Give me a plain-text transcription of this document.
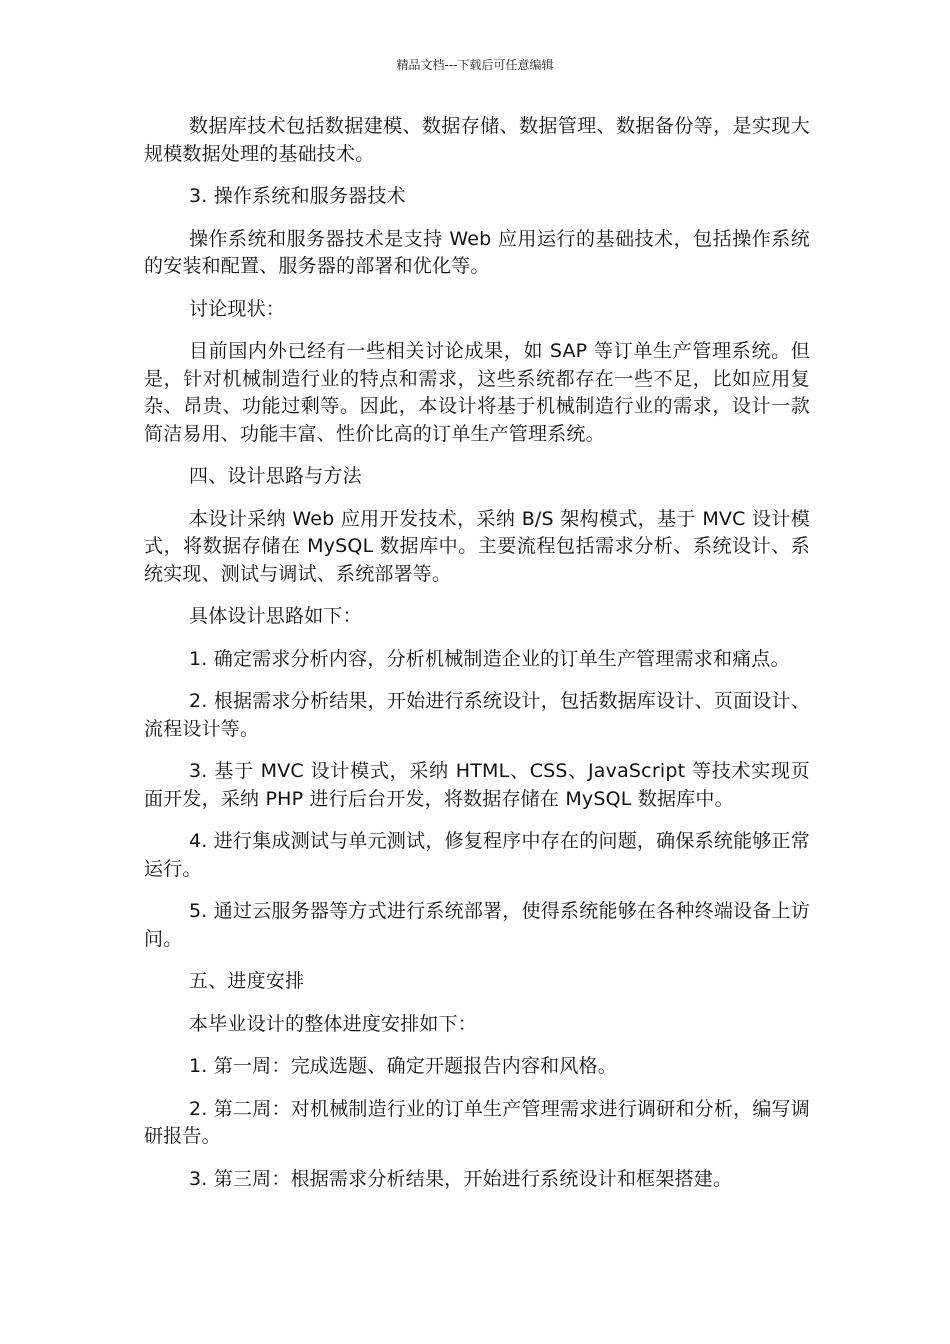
精品文档---下载后可任意编辑

数据库技术包括数据建模、数据存储、数据管理、数据备份等，是实现大规模数据处理的基础技术。

3. 操作系统和服务器技术

操作系统和服务器技术是支持 Web 应用运行的基础技术，包括操作系统的安装和配置、服务器的部署和优化等。

讨论现状：

目前国内外已经有一些相关讨论成果，如 SAP 等订单生产管理系统。但是，针对机械制造行业的特点和需求，这些系统都存在一些不足，比如应用复杂、昂贵、功能过剩等。因此，本设计将基于机械制造行业的需求，设计一款简洁易用、功能丰富、性价比高的订单生产管理系统。

四、设计思路与方法

本设计采纳 Web 应用开发技术，采纳 B/S 架构模式，基于 MVC 设计模式，将数据存储在 MySQL 数据库中。主要流程包括需求分析、系统设计、系统实现、测试与调试、系统部署等。

具体设计思路如下：

1. 确定需求分析内容，分析机械制造企业的订单生产管理需求和痛点。

2. 根据需求分析结果，开始进行系统设计，包括数据库设计、页面设计、流程设计等。

3. 基于 MVC 设计模式，采纳 HTML、CSS、JavaScript 等技术实现页面开发，采纳 PHP 进行后台开发，将数据存储在 MySQL 数据库中。

4. 进行集成测试与单元测试，修复程序中存在的问题，确保系统能够正常运行。

5. 通过云服务器等方式进行系统部署，使得系统能够在各种终端设备上访问。

五、进度安排

本毕业设计的整体进度安排如下：

1. 第一周：完成选题、确定开题报告内容和风格。

2. 第二周：对机械制造行业的订单生产管理需求进行调研和分析，编写调研报告。

3. 第三周：根据需求分析结果，开始进行系统设计和框架搭建。
